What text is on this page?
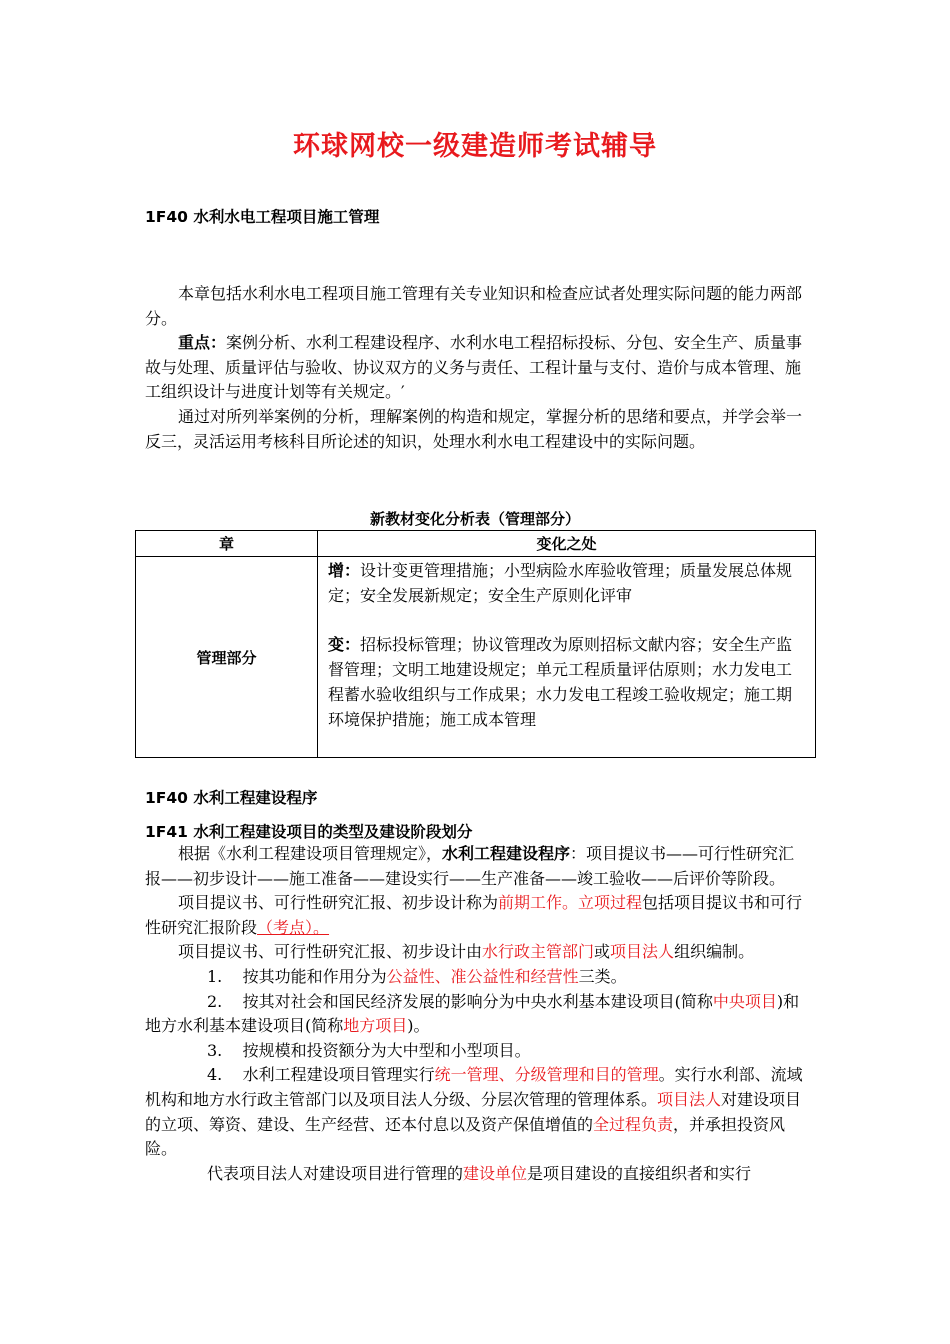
环球网校一级建造师考试辅导
1F40 水利水电工程项目施工管理

本章包括水利水电工程项目施工管理有关专业知识和检查应试者处理实际问题的能力两部分。

重点：案例分析、水利工程建设程序、水利水电工程招标投标、分包、安全生产、质量事故与处理、质量评估与验收、协议双方的义务与责任、工程计量与支付、造价与成本管理、施工组织设计与进度计划等有关规定。′

通过对所列举案例的分析，理解案例的构造和规定，掌握分析的思绪和要点，并学会举一反三，灵活运用考核科目所论述的知识，处理水利水电工程建设中的实际问题。

新教材变化分析表（管理部分）
章	变化之处
管理部分	增：设计变更管理措施；小型病险水库验收管理；质量发展总体规定；安全发展新规定；安全生产原则化评审

变：招标投标管理；协议管理改为原则招标文献内容；安全生产监督管理；文明工地建设规定；单元工程质量评估原则；水力发电工程蓄水验收组织与工作成果；水力发电工程竣工验收规定；施工期环境保护措施；施工成本管理

1F40 水利工程建设程序
1F41 水利工程建设项目的类型及建设阶段划分

根据《水利工程建设项目管理规定》，水利工程建设程序：项目提议书——可行性研究汇报——初步设计——施工准备——建设实行——生产准备——竣工验收——后评价等阶段。

项目提议书、可行性研究汇报、初步设计称为前期工作。立项过程包括项目提议书和可行性研究汇报阶段（考点）。

项目提议书、可行性研究汇报、初步设计由水行政主管部门或项目法人组织编制。

1. 按其功能和作用分为公益性、准公益性和经营性三类。

2. 按其对社会和国民经济发展的影响分为中央水利基本建设项目(简称中央项目)和地方水利基本建设项目(简称地方项目)。

3. 按规模和投资额分为大中型和小型项目。

4. 水利工程建设项目管理实行统一管理、分级管理和目的管理。实行水利部、流域机构和地方水行政主管部门以及项目法人分级、分层次管理的管理体系。项目法人对建设项目的立项、筹资、建设、生产经营、还本付息以及资产保值增值的全过程负责，并承担投资风险。

代表项目法人对建设项目进行管理的建设单位是项目建设的直接组织者和实行
